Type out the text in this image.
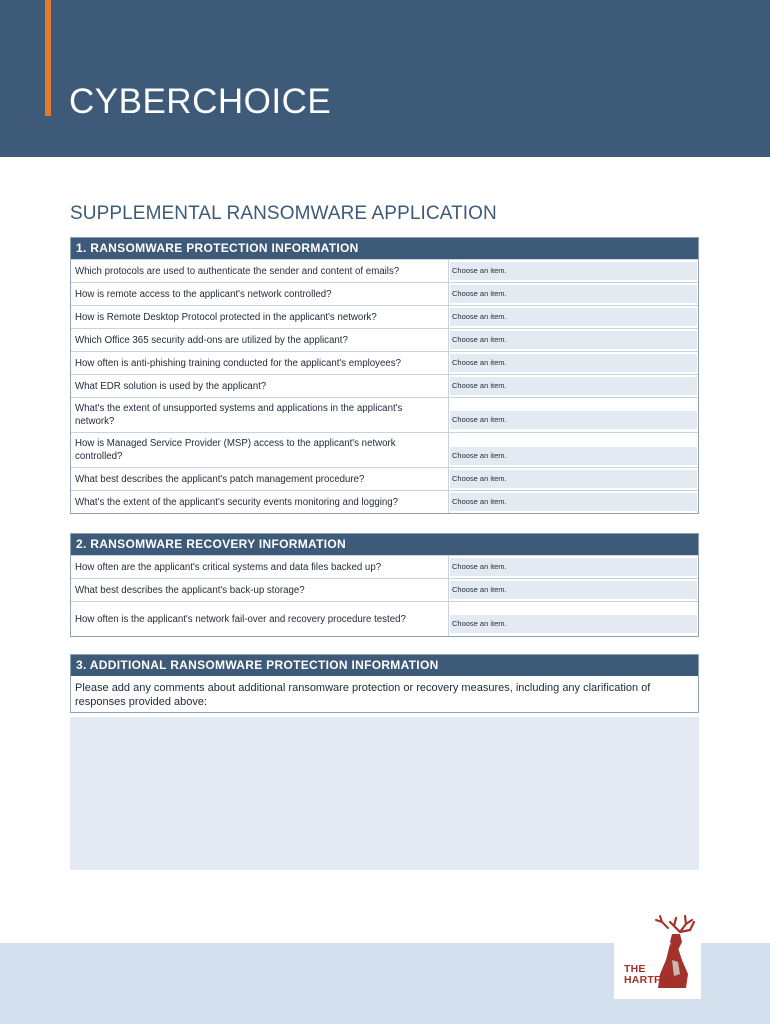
CYBERCHOICE
SUPPLEMENTAL RANSOMWARE APPLICATION
1. RANSOMWARE PROTECTION INFORMATION
Which protocols are used to authenticate the sender and content of emails?	Choose an item.
How is remote access to the applicant's network controlled?	Choose an item.
How is Remote Desktop Protocol protected in the applicant's network?	Choose an item.
Which Office 365 security add-ons are utilized by the applicant?	Choose an item.
How often is anti-phishing training conducted for the applicant's employees?	Choose an item.
What EDR solution is used by the applicant?	Choose an item.
What's the extent of unsupported systems and applications in the applicant's network?	Choose an item.
How is Managed Service Provider (MSP) access to the applicant's network controlled?	Choose an item.
What best describes the applicant's patch management procedure?	Choose an item.
What's the extent of the applicant's security events monitoring and logging?	Choose an item.
2. RANSOMWARE RECOVERY INFORMATION
How often are the applicant's critical systems and data files backed up?	Choose an item.
What best describes the applicant's back-up storage?	Choose an item.
How often is the applicant's network fail-over and recovery procedure tested?	Choose an item.
3. ADDITIONAL RANSOMWARE PROTECTION INFORMATION
Please add any comments about additional ransomware protection or recovery measures, including any clarification of responses provided above:
THE
HARTFORD
